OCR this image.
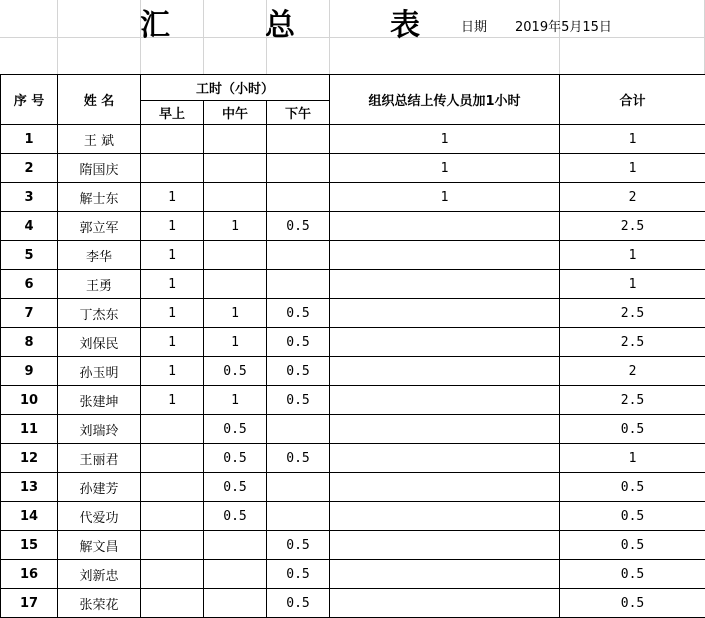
汇	总	表	日期 2019年5月15日
序 号	姓 名	工时（小时）			组织总结上传人员加1小时	合计
		早上	中午	下午		
1	王 斌				1	1
2	隋国庆				1	1
3	解士东	1			1	2
4	郭立军	1	1	0.5		2.5
5	李华	1				1
6	王勇	1				1
7	丁杰东	1	1	0.5		2.5
8	刘保民	1	1	0.5		2.5
9	孙玉明	1	0.5	0.5		2
10	张建坤	1	1	0.5		2.5
11	刘瑞玲		0.5			0.5
12	王丽君		0.5	0.5		1
13	孙建芳		0.5			0.5
14	代爱功		0.5			0.5
15	解文昌			0.5		0.5
16	刘新忠			0.5		0.5
17	张荣花			0.5		0.5
